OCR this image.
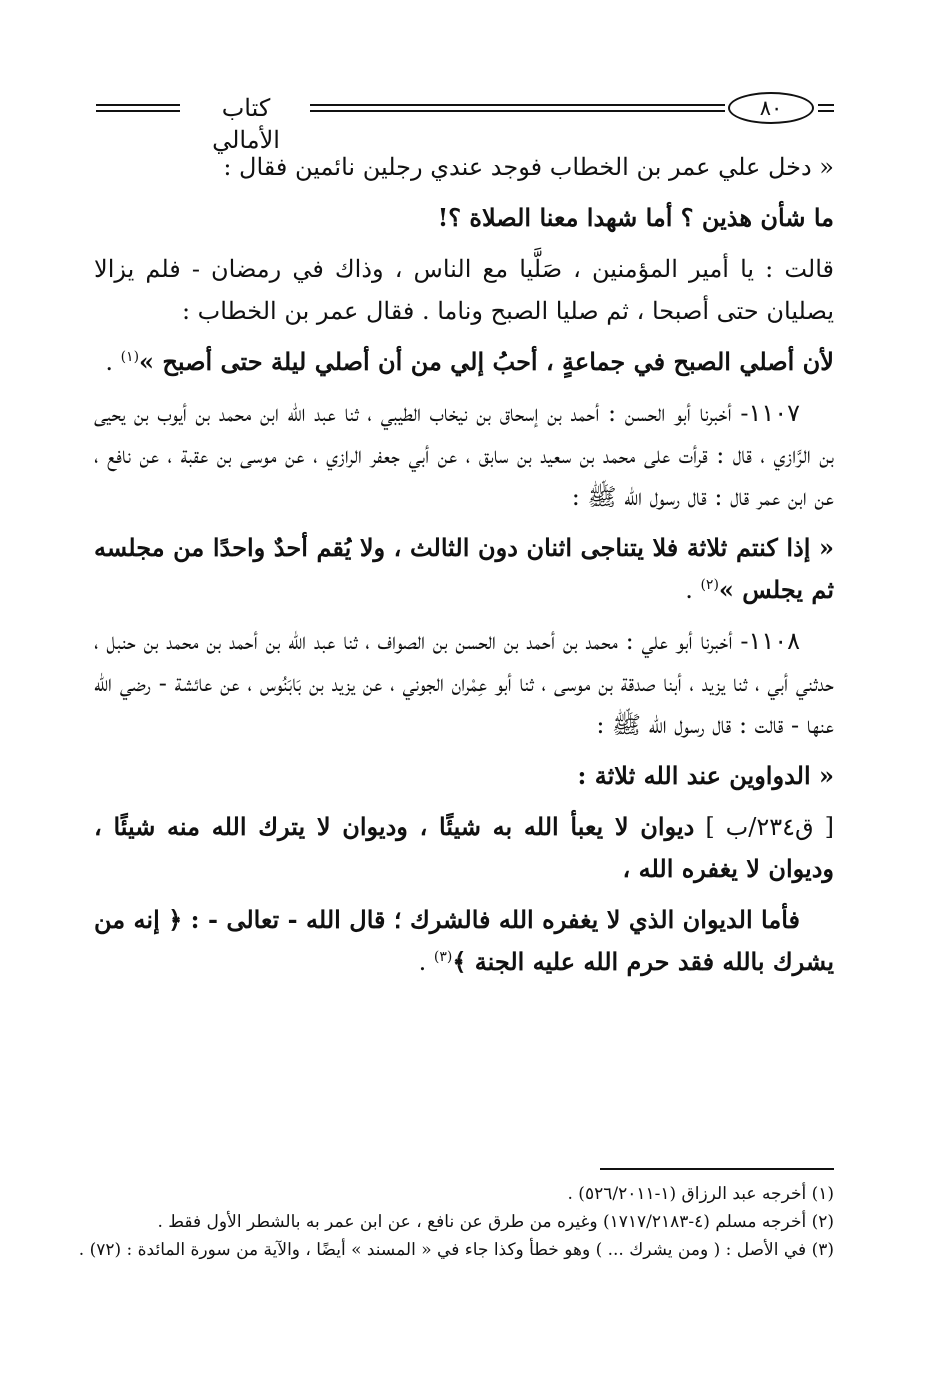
كتاب الأمالي
٨٠

« دخل علي عمر بن الخطاب فوجد عندي رجلين نائمين فقال :

ما شأن هذين ؟ أما شهدا معنا الصلاة ؟!

قالت : يا أمير المؤمنين ، صَلَّيا مع الناس ، وذاك في رمضان - فلم يزالا يصليان حتى أصبحا ، ثم صليا الصبح وناما . فقال عمر بن الخطاب :

لأن أصلي الصبح في جماعةٍ ، أحبُ إلي من أن أصلي ليلة حتى أصبح »$^{(١)}$ .

١١٠٧- أخبرنا أبو الحسن : أحمد بن إسحاق بن نيخاب الطيبي ، ثنا عبد الله ابن محمد بن أيوب بن يحيى بن الرَّازي ، قال : قرأت على محمد بن سعيد بن سابق ، عن أبي جعفر الرازي ، عن موسى بن عقبة ، عن نافع ، عن ابن عمر قال : قال رسول الله ﷺ :

« إذا كنتم ثلاثة فلا يتناجى اثنان دون الثالث ، ولا يُقم أحدٌ واحدًا من مجلسه ثم يجلس »$^{(٢)}$ .

١١٠٨- أخبرنا أبو علي : محمد بن أحمد بن الحسن بن الصواف ، ثنا عبد الله بن أحمد بن محمد بن حنبل ، حدثني أبي ، ثنا يزيد ، أبنا صدقة بن موسى ، ثنا أبو عِمْران الجوني ، عن يزيد بن بَابَنُوس ، عن عائشة - رضي الله عنها - قالت : قال رسول الله ﷺ :

« الدواوين عند الله ثلاثة :

[ ق٢٣٤/ب ] ديوان لا يعبأ الله به شيئًا ، وديوان لا يترك الله منه شيئًا ، وديوان لا يغفره الله ،

فأما الديوان الذي لا يغفره الله فالشرك ؛ قال الله - تعالى - : ﴿ إنه من يشرك بالله فقد حرم الله عليه الجنة ﴾$^{(٣)}$ .

(١) أخرجه عبد الرزاق (١-٥٢٦/٢٠١١) .

(٢) أخرجه مسلم (٤-١٧١٧/٢١٨٣) وغيره من طرق عن نافع ، عن ابن عمر به بالشطر الأول فقط .

(٣) في الأصل : ( ومن يشرك ... ) وهو خطأ وكذا جاء في « المسند » أيضًا ، والآية من سورة المائدة : (٧٢) .
